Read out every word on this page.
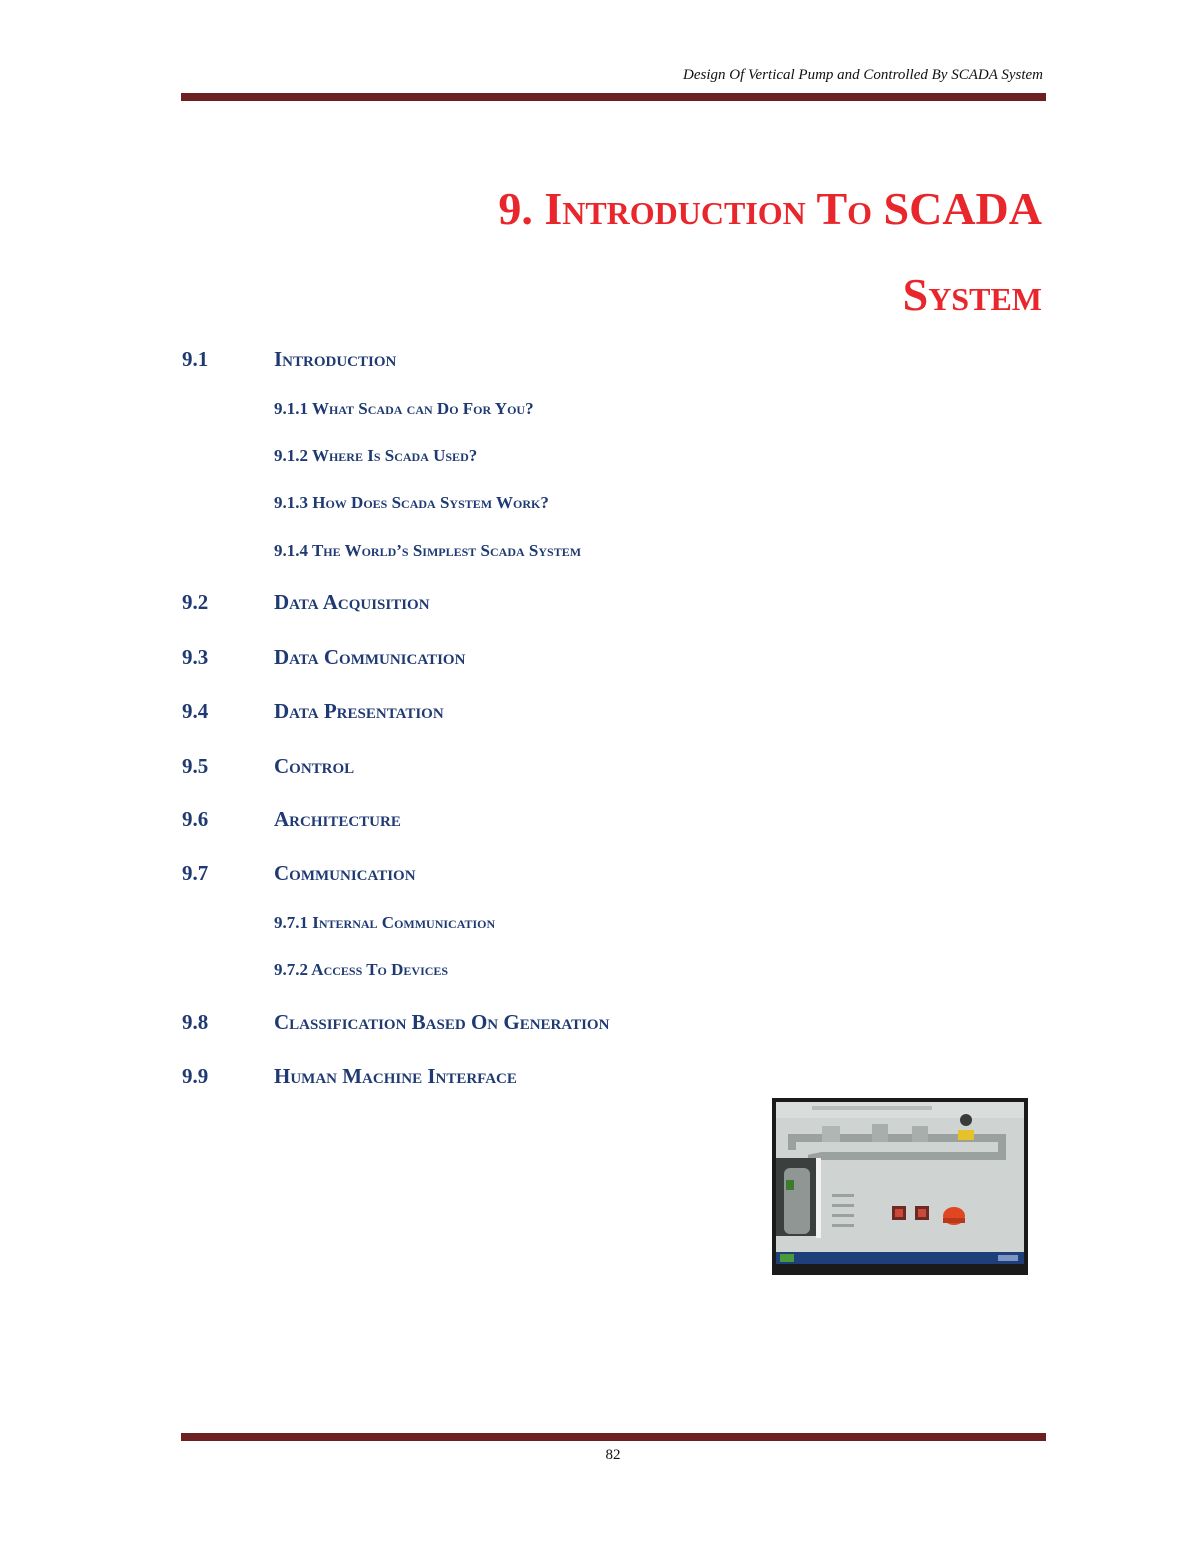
Design Of Vertical Pump and Controlled By SCADA System
9. Introduction To SCADA
System
9.1	Introduction
9.1.1 What Scada can Do For You?
9.1.2 Where Is Scada Used?
9.1.3 How Does Scada System Work?
9.1.4 The World’s Simplest Scada System
9.2	Data Acquisition
9.3	Data Communication
9.4	Data Presentation
9.5	Control
9.6	Architecture
9.7	Communication
9.7.1 Internal Communication
9.7.2 Access To Devices
9.8	Classification Based On Generation
9.9	Human Machine Interface
82
